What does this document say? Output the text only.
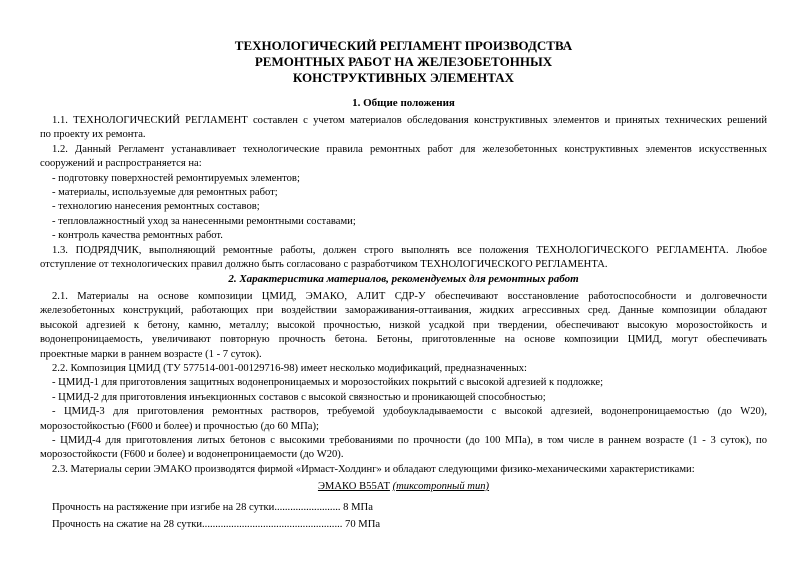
ТЕХНОЛОГИЧЕСКИЙ РЕГЛАМЕНТ ПРОИЗВОДСТВА
РЕМОНТНЫХ РАБОТ НА ЖЕЛЕЗОБЕТОННЫХ
КОНСТРУКТИВНЫХ ЭЛЕМЕНТАХ
1. Общие положения
1.1. ТЕХНОЛОГИЧЕСКИЙ РЕГЛАМЕНТ составлен с учетом материалов обследования конструктивных элементов и принятых технических решений
по проекту их ремонта.
1.2. Данный Регламент устанавливает технологические правила ремонтных работ для железобетонных конструктивных элементов искусственных
сооружений и распространяется на:
- подготовку поверхностей ремонтируемых элементов;
- материалы, используемые для ремонтных работ;
- технологию нанесения ремонтных составов;
- тепловлажностный уход за нанесенными ремонтными составами;
- контроль качества ремонтных работ.
1.3. ПОДРЯДЧИК, выполняющий ремонтные работы, должен строго выполнять все положения ТЕХНОЛОГИЧЕСКОГО РЕГЛАМЕНТА. Любое
отступление от технологических правил должно быть согласовано с разработчиком ТЕХНОЛОГИЧЕСКОГО РЕГЛАМЕНТА.
2. Характеристика материалов, рекомендуемых для ремонтных работ
2.1. Материалы на основе композиции ЦМИД, ЭМАКО, АЛИТ СДР-У обеспечивают восстановление работоспособности и долговечности
железобетонных конструкций, работающих при воздействии замораживания-оттаивания, жидких агрессивных сред. Данные композиции обладают
высокой адгезией к бетону, камню, металлу; высокой прочностью, низкой усадкой при твердении, обеспечивают высокую морозостойкость и
водонепроницаемость, увеличивают повторную прочность бетона. Бетоны, приготовленные на основе композиции ЦМИД, могут обеспечивать
проектные марки в раннем возрасте (1 - 7 суток).
2.2. Композиция ЦМИД (ТУ 577514-001-00129716-98) имеет несколько модификаций, предназначенных:
- ЦМИД-1 для приготовления защитных водонепроницаемых и морозостойких покрытий с высокой адгезией к подложке;
- ЦМИД-2 для приготовления инъекционных составов с высокой связностью и проникающей способностью;
- ЦМИД-3 для приготовления ремонтных растворов, требуемой удобоукладываемости с высокой адгезией, водонепроницаемостью (до W20),
морозостойкостью (F600 и более) и прочностью (до 60 МПа);
- ЦМИД-4 для приготовления литых бетонов с высокими требованиями по прочности (до 100 МПа), в том числе в раннем возрасте (1 - 3 суток), по
морозостойкости (F600 и более) и водонепроницаемости (до W20).
2.3. Материалы серии ЭМАКО производятся фирмой «Ирмаст-Холдинг» и обладают следующими физико-механическими характеристиками:
ЭМАКО В55АТ (тиксотропный тип)
Прочность на растяжение при изгибе на 28 сутки......................... 8 МПа
Прочность на сжатие на 28 сутки..................................................... 70 МПа
